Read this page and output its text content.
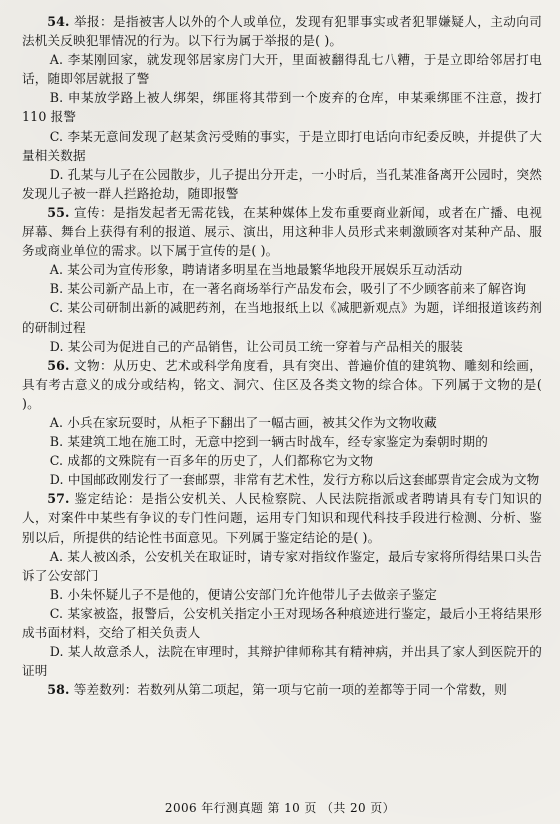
54. 举报：是指被害人以外的个人或单位，发现有犯罪事实或者犯罪嫌疑人，主动向司法机关反映犯罪情况的行为。以下行为属于举报的是( )。

A. 李某刚回家，就发现邻居家房门大开，里面被翻得乱七八糟，于是立即给邻居打电话，随即邻居就报了警

B. 申某放学路上被人绑架，绑匪将其带到一个废弃的仓库，申某乘绑匪不注意，拨打 110 报警

C. 李某无意间发现了赵某贪污受贿的事实，于是立即打电话向市纪委反映，并提供了大量相关数据

D. 孔某与儿子在公园散步，儿子提出分开走，一小时后，当孔某准备离开公园时，突然发现儿子被一群人拦路抢劫，随即报警

55. 宣传：是指发起者无需花钱，在某种媒体上发布重要商业新闻，或者在广播、电视屏幕、舞台上获得有利的报道、展示、演出，用这种非人员形式来刺激顾客对某种产品、服务或商业单位的需求。以下属于宣传的是( )。

A. 某公司为宣传形象，聘请诸多明星在当地最繁华地段开展娱乐互动活动

B. 某公司新产品上市，在一著名商场举行产品发布会，吸引了不少顾客前来了解咨询

C. 某公司研制出新的减肥药剂，在当地报纸上以《减肥新观点》为题，详细报道该药剂的研制过程

D. 某公司为促进自己的产品销售，让公司员工统一穿着与产品相关的服装

56. 文物：从历史、艺术或科学角度看，具有突出、普遍价值的建筑物、雕刻和绘画，具有考古意义的成分或结构，铭文、洞穴、住区及各类文物的综合体。下列属于文物的是( )。

A. 小兵在家玩耍时，从柜子下翻出了一幅古画，被其父作为文物收藏

B. 某建筑工地在施工时，无意中挖到一辆古时战车，经专家鉴定为秦朝时期的

C. 成都的文殊院有一百多年的历史了，人们都称它为文物

D. 中国邮政刚发行了一套邮票，非常有艺术性，发行方称以后这套邮票肯定会成为文物

57. 鉴定结论：是指公安机关、人民检察院、人民法院指派或者聘请具有专门知识的人，对案件中某些有争议的专门性问题，运用专门知识和现代科技手段进行检测、分析、鉴别以后，所提供的结论性书面意见。下列属于鉴定结论的是( )。

A. 某人被凶杀，公安机关在取证时，请专家对指纹作鉴定，最后专家将所得结果口头告诉了公安部门

B. 小朱怀疑儿子不是他的，便请公安部门允许他带儿子去做亲子鉴定

C. 某家被盗，报警后，公安机关指定小王对现场各种痕迹进行鉴定，最后小王将结果形成书面材料，交给了相关负责人

D. 某人故意杀人，法院在审理时，其辩护律师称其有精神病，并出具了家人到医院开的证明

58. 等差数列：若数列从第二项起，第一项与它前一项的差都等于同一个常数，则

2006 年行测真题 第 10 页 （共 20 页）
